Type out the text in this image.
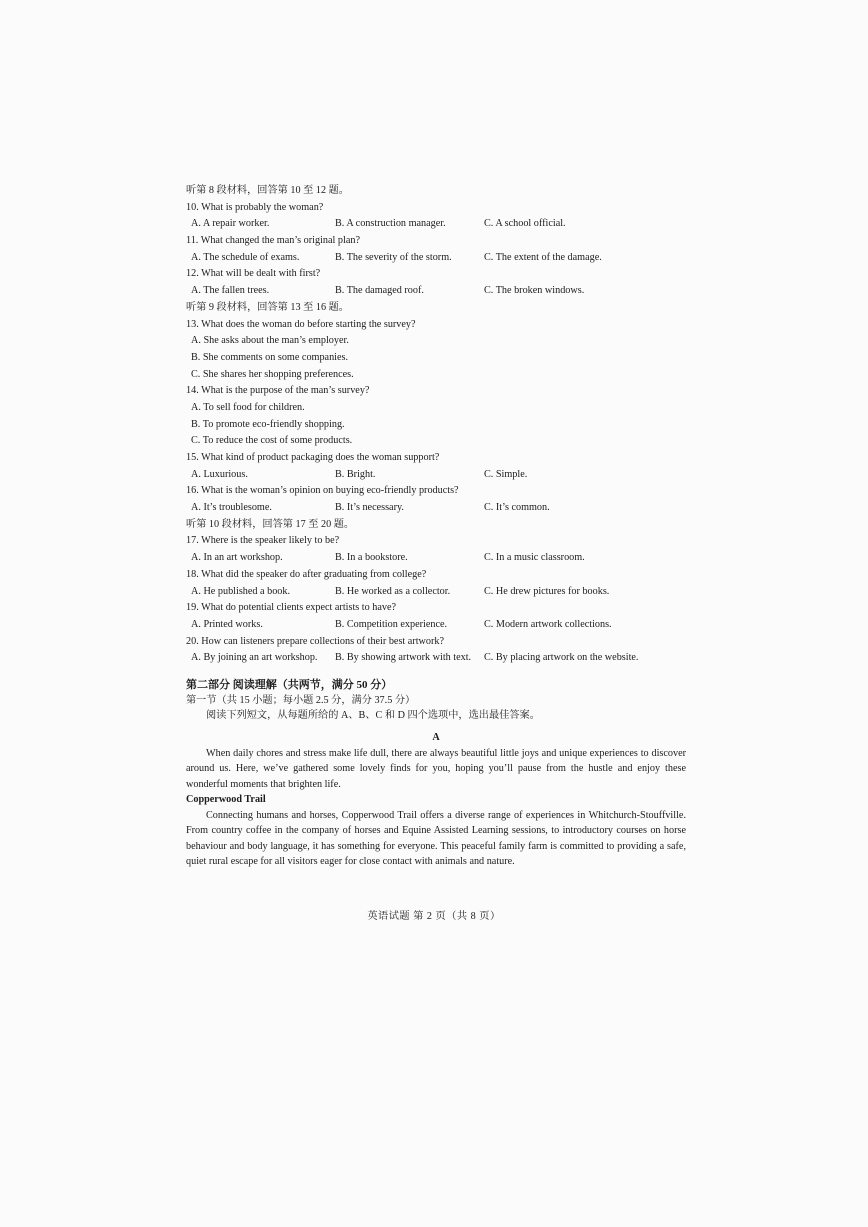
听第 8 段材料，回答第 10 至 12 题。
10. What is probably the woman?
A. A repair worker.	B. A construction manager.	C. A school official.
11. What changed the man’s original plan?
A. The schedule of exams.	B. The severity of the storm.	C. The extent of the damage.
12. What will be dealt with first?
A. The fallen trees.	B. The damaged roof.	C. The broken windows.
听第 9 段材料，回答第 13 至 16 题。
13. What does the woman do before starting the survey?
A. She asks about the man’s employer.
B. She comments on some companies.
C. She shares her shopping preferences.
14. What is the purpose of the man’s survey?
A. To sell food for children.
B. To promote eco-friendly shopping.
C. To reduce the cost of some products.
15. What kind of product packaging does the woman support?
A. Luxurious.	B. Bright.	C. Simple.
16. What is the woman’s opinion on buying eco-friendly products?
A. It’s troublesome.	B. It’s necessary.	C. It’s common.
听第 10 段材料，回答第 17 至 20 题。
17. Where is the speaker likely to be?
A. In an art workshop.	B. In a bookstore.	C. In a music classroom.
18. What did the speaker do after graduating from college?
A. He published a book.	B. He worked as a collector.	C. He drew pictures for books.
19. What do potential clients expect artists to have?
A. Printed works.	B. Competition experience.	C. Modern artwork collections.
20. How can listeners prepare collections of their best artwork?
A. By joining an art workshop. B. By showing artwork with text. C. By placing artwork on the website.
第二部分 阅读理解（共两节，满分 50 分）
第一节（共 15 小题；每小题 2.5 分，满分 37.5 分）
阅读下列短文，从每题所给的 A、B、C 和 D 四个选项中，选出最佳答案。
A

When daily chores and stress make life dull, there are always beautiful little joys and unique experiences to discover around us. Here, we’ve gathered some lovely finds for you, hoping you’ll pause from the hustle and enjoy these wonderful moments that brighten life.

Copperwood Trail

Connecting humans and horses, Copperwood Trail offers a diverse range of experiences in Whitchurch-Stouffville. From country coffee in the company of horses and Equine Assisted Learning sessions, to introductory courses on horse behaviour and body language, it has something for everyone. This peaceful family farm is committed to providing a safe, quiet rural escape for all visitors eager for close contact with animals and nature.

英语试题 第 2 页（共 8 页）
